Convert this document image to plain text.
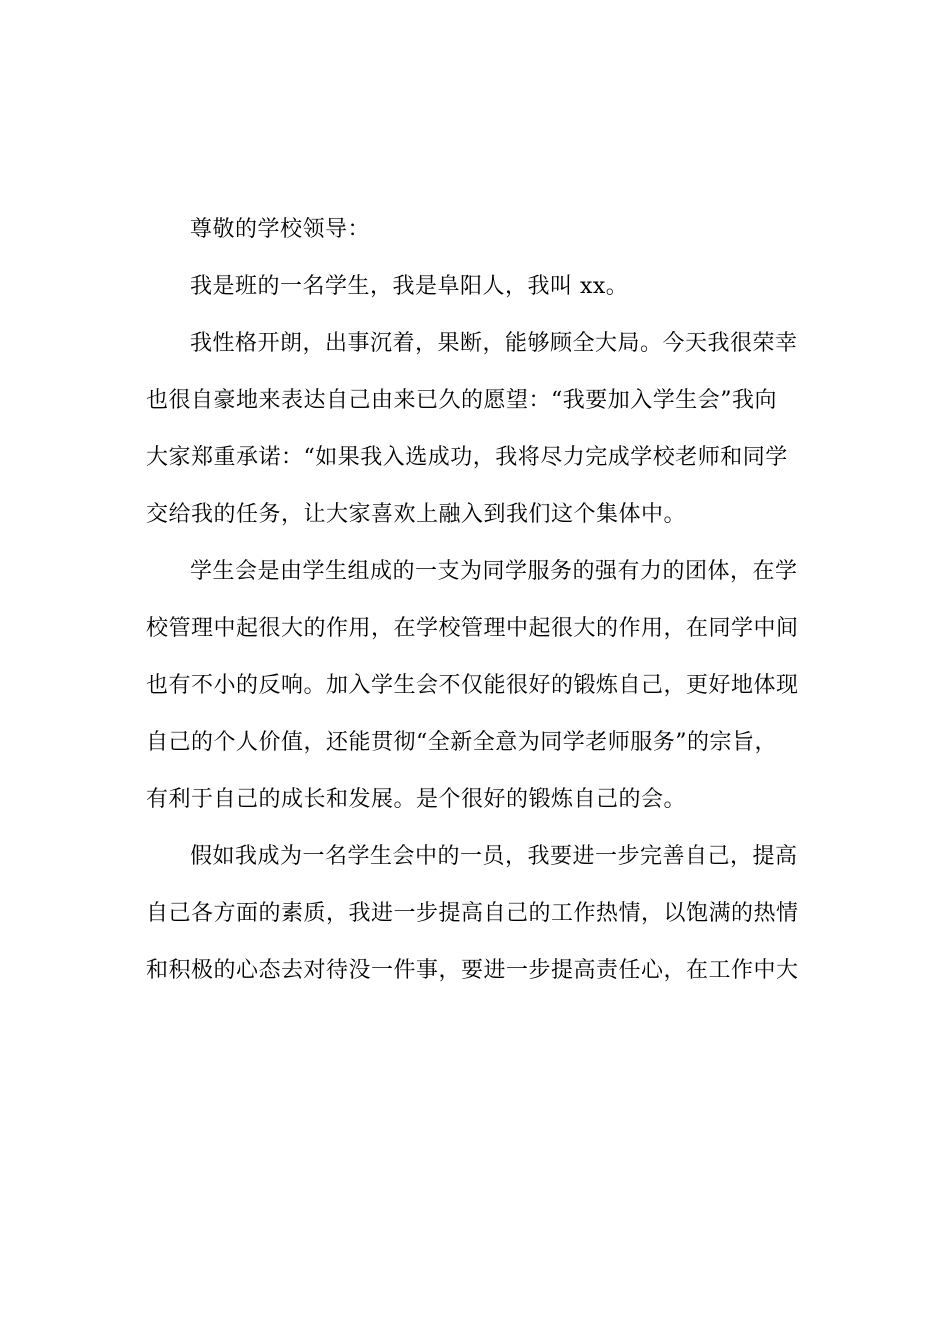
尊敬的学校领导：
我是班的一名学生，我是阜阳人，我叫 xx。
我性格开朗，出事沉着，果断，能够顾全大局。今天我很荣幸
也很自豪地来表达自己由来已久的愿望：“我要加入学生会”我向
大家郑重承诺：“如果我入选成功，我将尽力完成学校老师和同学
交给我的任务，让大家喜欢上融入到我们这个集体中。
学生会是由学生组成的一支为同学服务的强有力的团体，在学
校管理中起很大的作用，在学校管理中起很大的作用，在同学中间
也有不小的反响。加入学生会不仅能很好的锻炼自己，更好地体现
自己的个人价值，还能贯彻“全新全意为同学老师服务”的宗旨，
有利于自己的成长和发展。是个很好的锻炼自己的会。
假如我成为一名学生会中的一员，我要进一步完善自己，提高
自己各方面的素质，我进一步提高自己的工作热情，以饱满的热情
和积极的心态去对待没一件事，要进一步提高责任心，在工作中大
